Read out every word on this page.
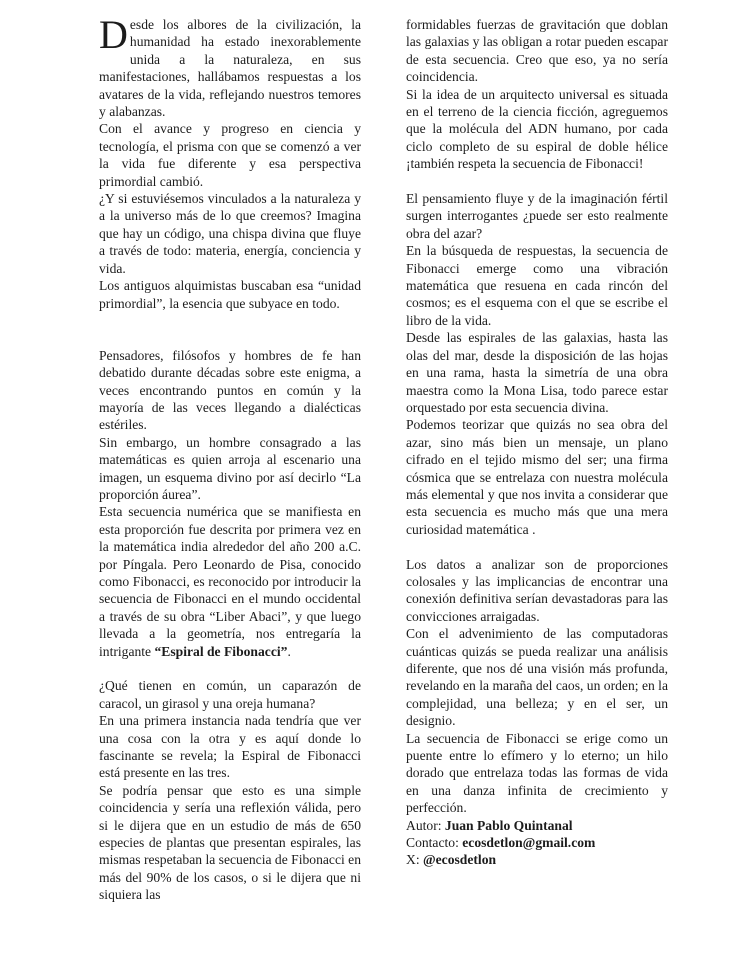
Desde los albores de la civilización, la humanidad ha estado inexorablemente unida a la naturaleza, en sus manifestaciones, hallábamos respuestas a los avatares de la vida, reflejando nuestros temores y alabanzas.

Con el avance y progreso en ciencia y tecnología, el prisma con que se comenzó a ver la vida fue diferente y esa perspectiva primordial cambió.

¿Y si estuviésemos vinculados a la naturaleza y a la universo más de lo que creemos? Imagina que hay un código, una chispa divina que fluye a través de todo: materia, energía, conciencia y vida.

Los antiguos alquimistas buscaban esa “unidad primordial”, la esencia que subyace en todo.

Pensadores, filósofos y hombres de fe han debatido durante décadas sobre este enigma, a veces encontrando puntos en común y la mayoría de las veces llegando a dialécticas estériles.

Sin embargo, un hombre consagrado a las matemáticas es quien arroja al escenario una imagen, un esquema divino por así decirlo “La proporción áurea”.

Esta secuencia numérica que se manifiesta en esta proporción fue descrita por primera vez en la matemática india alrededor del año 200 a.C. por Píngala. Pero Leonardo de Pisa, conocido como Fibonacci, es reconocido por introducir la secuencia de Fibonacci en el mundo occidental a través de su obra “Liber Abaci”, y que luego llevada a la geometría, nos entregaría la intrigante “Espiral de Fibonacci”.

¿Qué tienen en común, un caparazón de caracol, un girasol y una oreja humana?

En una primera instancia nada tendría que ver una cosa con la otra y es aquí donde lo fascinante se revela; la Espiral de Fibonacci está presente en las tres.

Se podría pensar que esto es una simple coincidencia y sería una reflexión válida, pero si le dijera que en un estudio de más de 650 especies de plantas que presentan espirales, las mismas respetaban la secuencia de Fibonacci en más del 90% de los casos, o si le dijera que ni siquiera las

formidables fuerzas de gravitación que doblan las galaxias y las obligan a rotar pueden escapar de esta secuencia. Creo que eso, ya no sería coincidencia.

Si la idea de un arquitecto universal es situada en el terreno de la ciencia ficción, agreguemos que la molécula del ADN humano, por cada ciclo completo de su espiral de doble hélice ¡también respeta la secuencia de Fibonacci!

El pensamiento fluye y de la imaginación fértil surgen interrogantes ¿puede ser esto realmente obra del azar?

En la búsqueda de respuestas, la secuencia de Fibonacci emerge como una vibración matemática que resuena en cada rincón del cosmos; es el esquema con el que se escribe el libro de la vida.

Desde las espirales de las galaxias, hasta las olas del mar, desde la disposición de las hojas en una rama, hasta la simetría de una obra maestra como la Mona Lisa, todo parece estar orquestado por esta secuencia divina.

Podemos teorizar que quizás no sea obra del azar, sino más bien un mensaje, un plano cifrado en el tejido mismo del ser; una firma cósmica que se entrelaza con nuestra molécula más elemental y que nos invita a considerar que esta secuencia es mucho más que una mera curiosidad matemática .

Los datos a analizar son de proporciones colosales y las implicancias de encontrar una conexión definitiva serían devastadoras para las convicciones arraigadas.

Con el advenimiento de las computadoras cuánticas quizás se pueda realizar una análisis diferente, que nos dé una visión más profunda, revelando en la maraña del caos, un orden; en la complejidad, una belleza; y en el ser, un designio.

La secuencia de Fibonacci se erige como un puente entre lo efímero y lo eterno; un hilo dorado que entrelaza todas las formas de vida en una danza infinita de crecimiento y perfección.

Autor: Juan Pablo Quintanal

Contacto: ecosdetlon@gmail.com

X: @ecosdetlon
